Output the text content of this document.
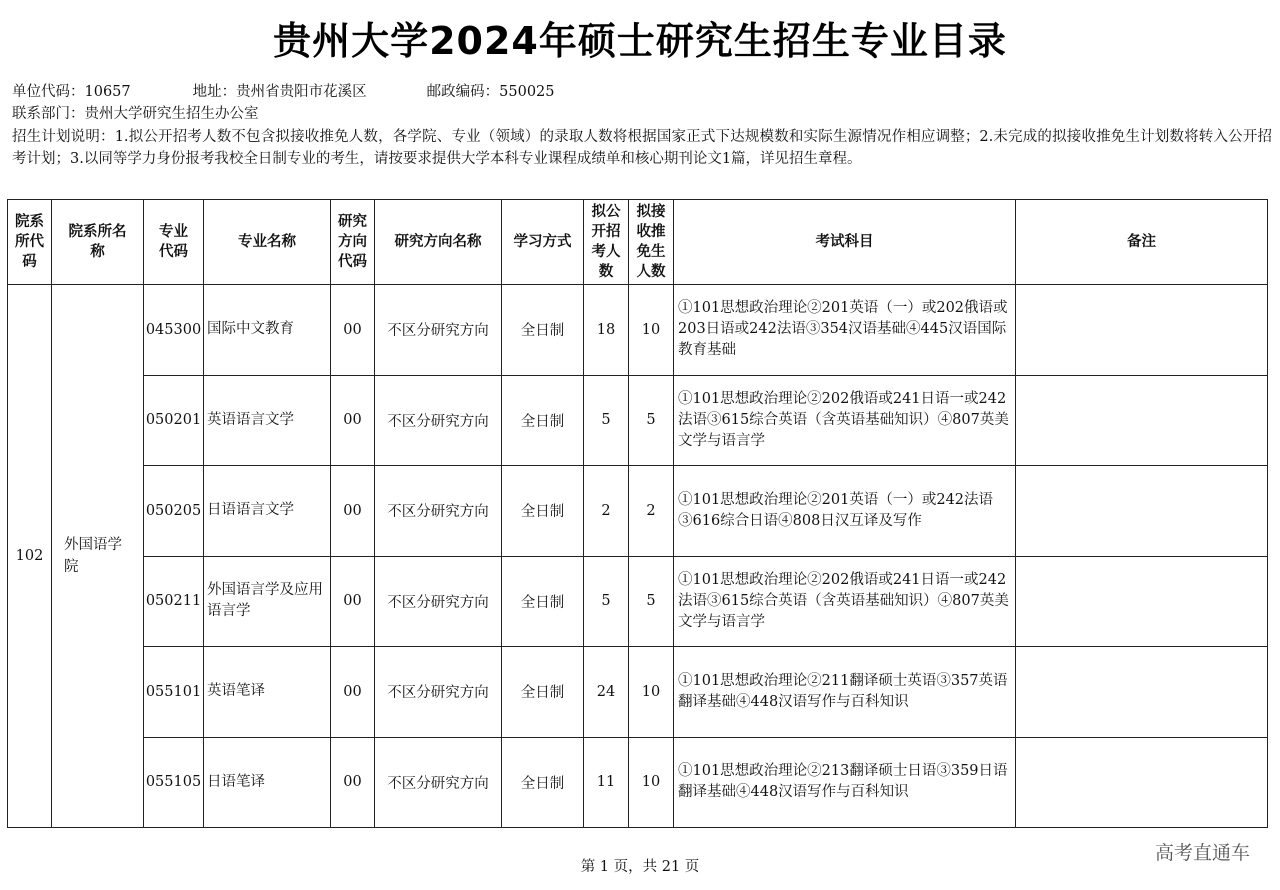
贵州大学2024年硕士研究生招生专业目录
单位代码：10657	地址：贵州省贵阳市花溪区	邮政编码：550025
联系部门：贵州大学研究生招生办公室
招生计划说明：1.拟公开招考人数不包含拟接收推免人数，各学院、专业（领域）的录取人数将根据国家正式下达规模数和实际生源情况作相应调整；2.未完成的拟接收推免生计划数将转入公开招考计划；3.以同等学力身份报考我校全日制专业的考生，请按要求提供大学本科专业课程成绩单和核心期刊论文1篇，详见招生章程。
院系所代码	院系所名称	专业代码	专业名称	研究方向代码	研究方向名称	学习方式	拟公开招考人数	拟接收推免生人数	考试科目	备注
102	外国语学院	045300	国际中文教育	00	不区分研究方向	全日制	18	10	①101思想政治理论②201英语（一）或202俄语或203日语或242法语③354汉语基础④445汉语国际教育基础	
		050201	英语语言文学	00	不区分研究方向	全日制	5	5	①101思想政治理论②202俄语或241日语一或242法语③615综合英语（含英语基础知识）④807英美文学与语言学	
		050205	日语语言文学	00	不区分研究方向	全日制	2	2	①101思想政治理论②201英语（一）或242法语③616综合日语④808日汉互译及写作	
		050211	外国语言学及应用语言学	00	不区分研究方向	全日制	5	5	①101思想政治理论②202俄语或241日语一或242法语③615综合英语（含英语基础知识）④807英美文学与语言学	
		055101	英语笔译	00	不区分研究方向	全日制	24	10	①101思想政治理论②211翻译硕士英语③357英语翻译基础④448汉语写作与百科知识	
		055105	日语笔译	00	不区分研究方向	全日制	11	10	①101思想政治理论②213翻译硕士日语③359日语翻译基础④448汉语写作与百科知识	
高考直通车
第 1 页，共 21 页
